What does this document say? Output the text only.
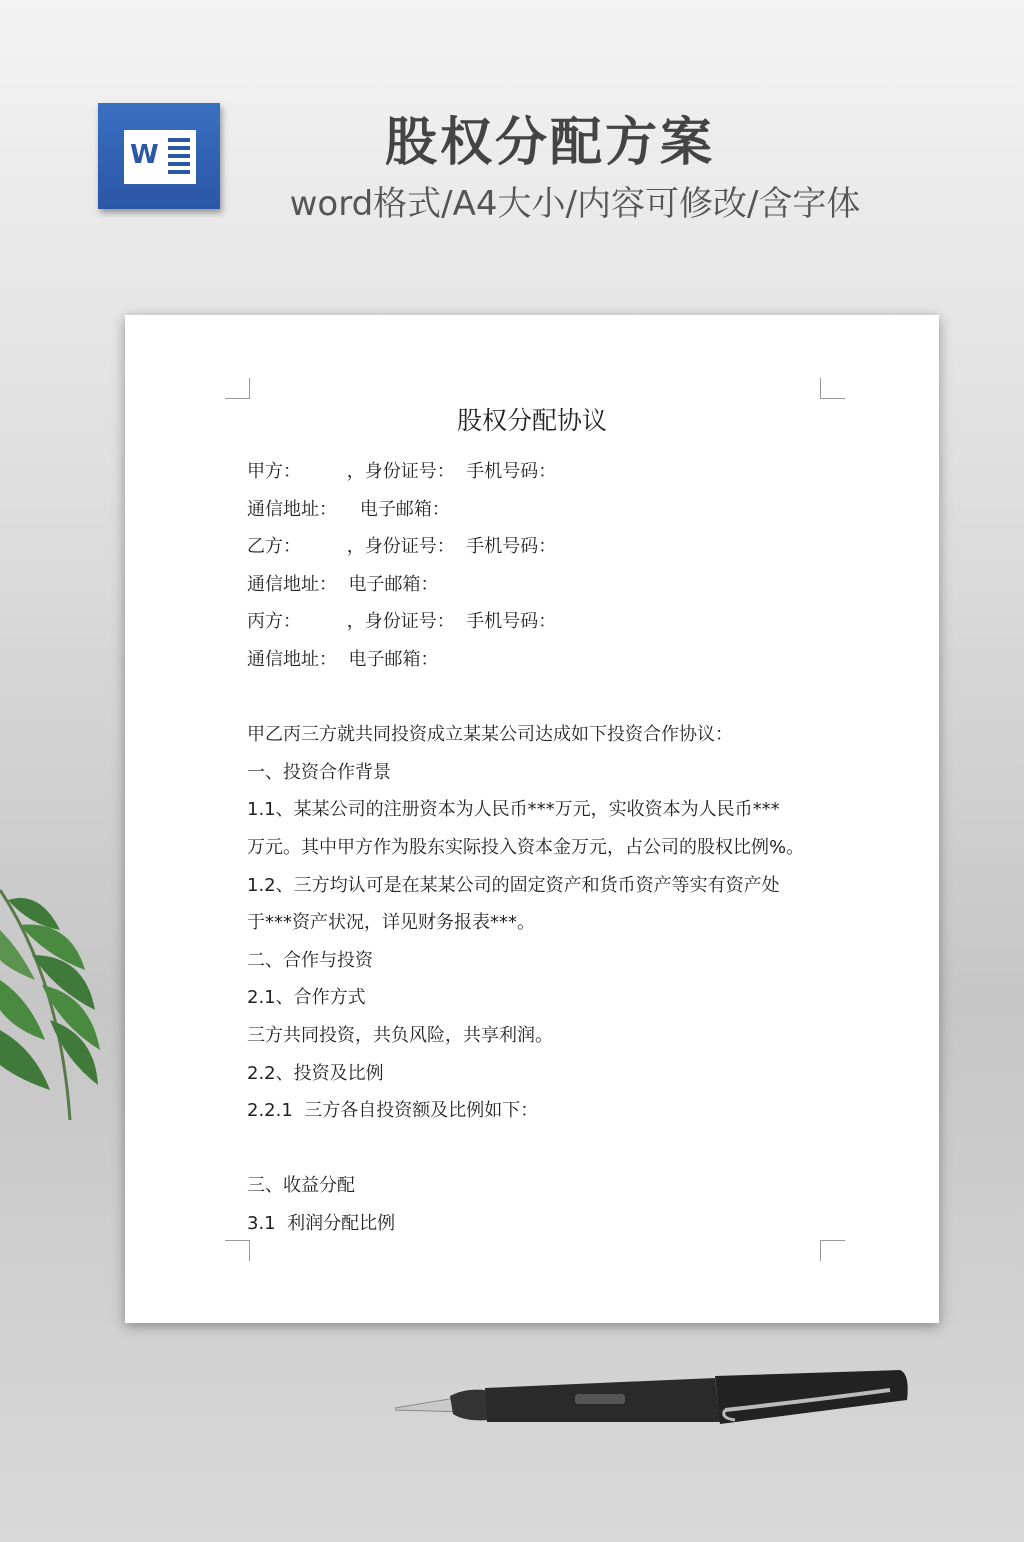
W	股权分配方案
word格式/A4大小/内容可修改/含字体
股权分配协议
甲方：        ，身份证号：  手机号码：
通信地址：    电子邮箱：
乙方：        ，身份证号：  手机号码：
通信地址：  电子邮箱：
丙方：        ，身份证号：  手机号码：
通信地址：  电子邮箱：
甲乙丙三方就共同投资成立某某公司达成如下投资合作协议：
一、投资合作背景
1.1、某某公司的注册资本为人民币***万元，实收资本为人民币***
万元。其中甲方作为股东实际投入资本金万元，占公司的股权比例%。
1.2、三方均认可是在某某公司的固定资产和货币资产等实有资产处
于***资产状况，详见财务报表***。
二、合作与投资
2.1、合作方式
三方共同投资，共负风险，共享利润。
2.2、投资及比例
2.2.1  三方各自投资额及比例如下：
三、收益分配
3.1  利润分配比例
